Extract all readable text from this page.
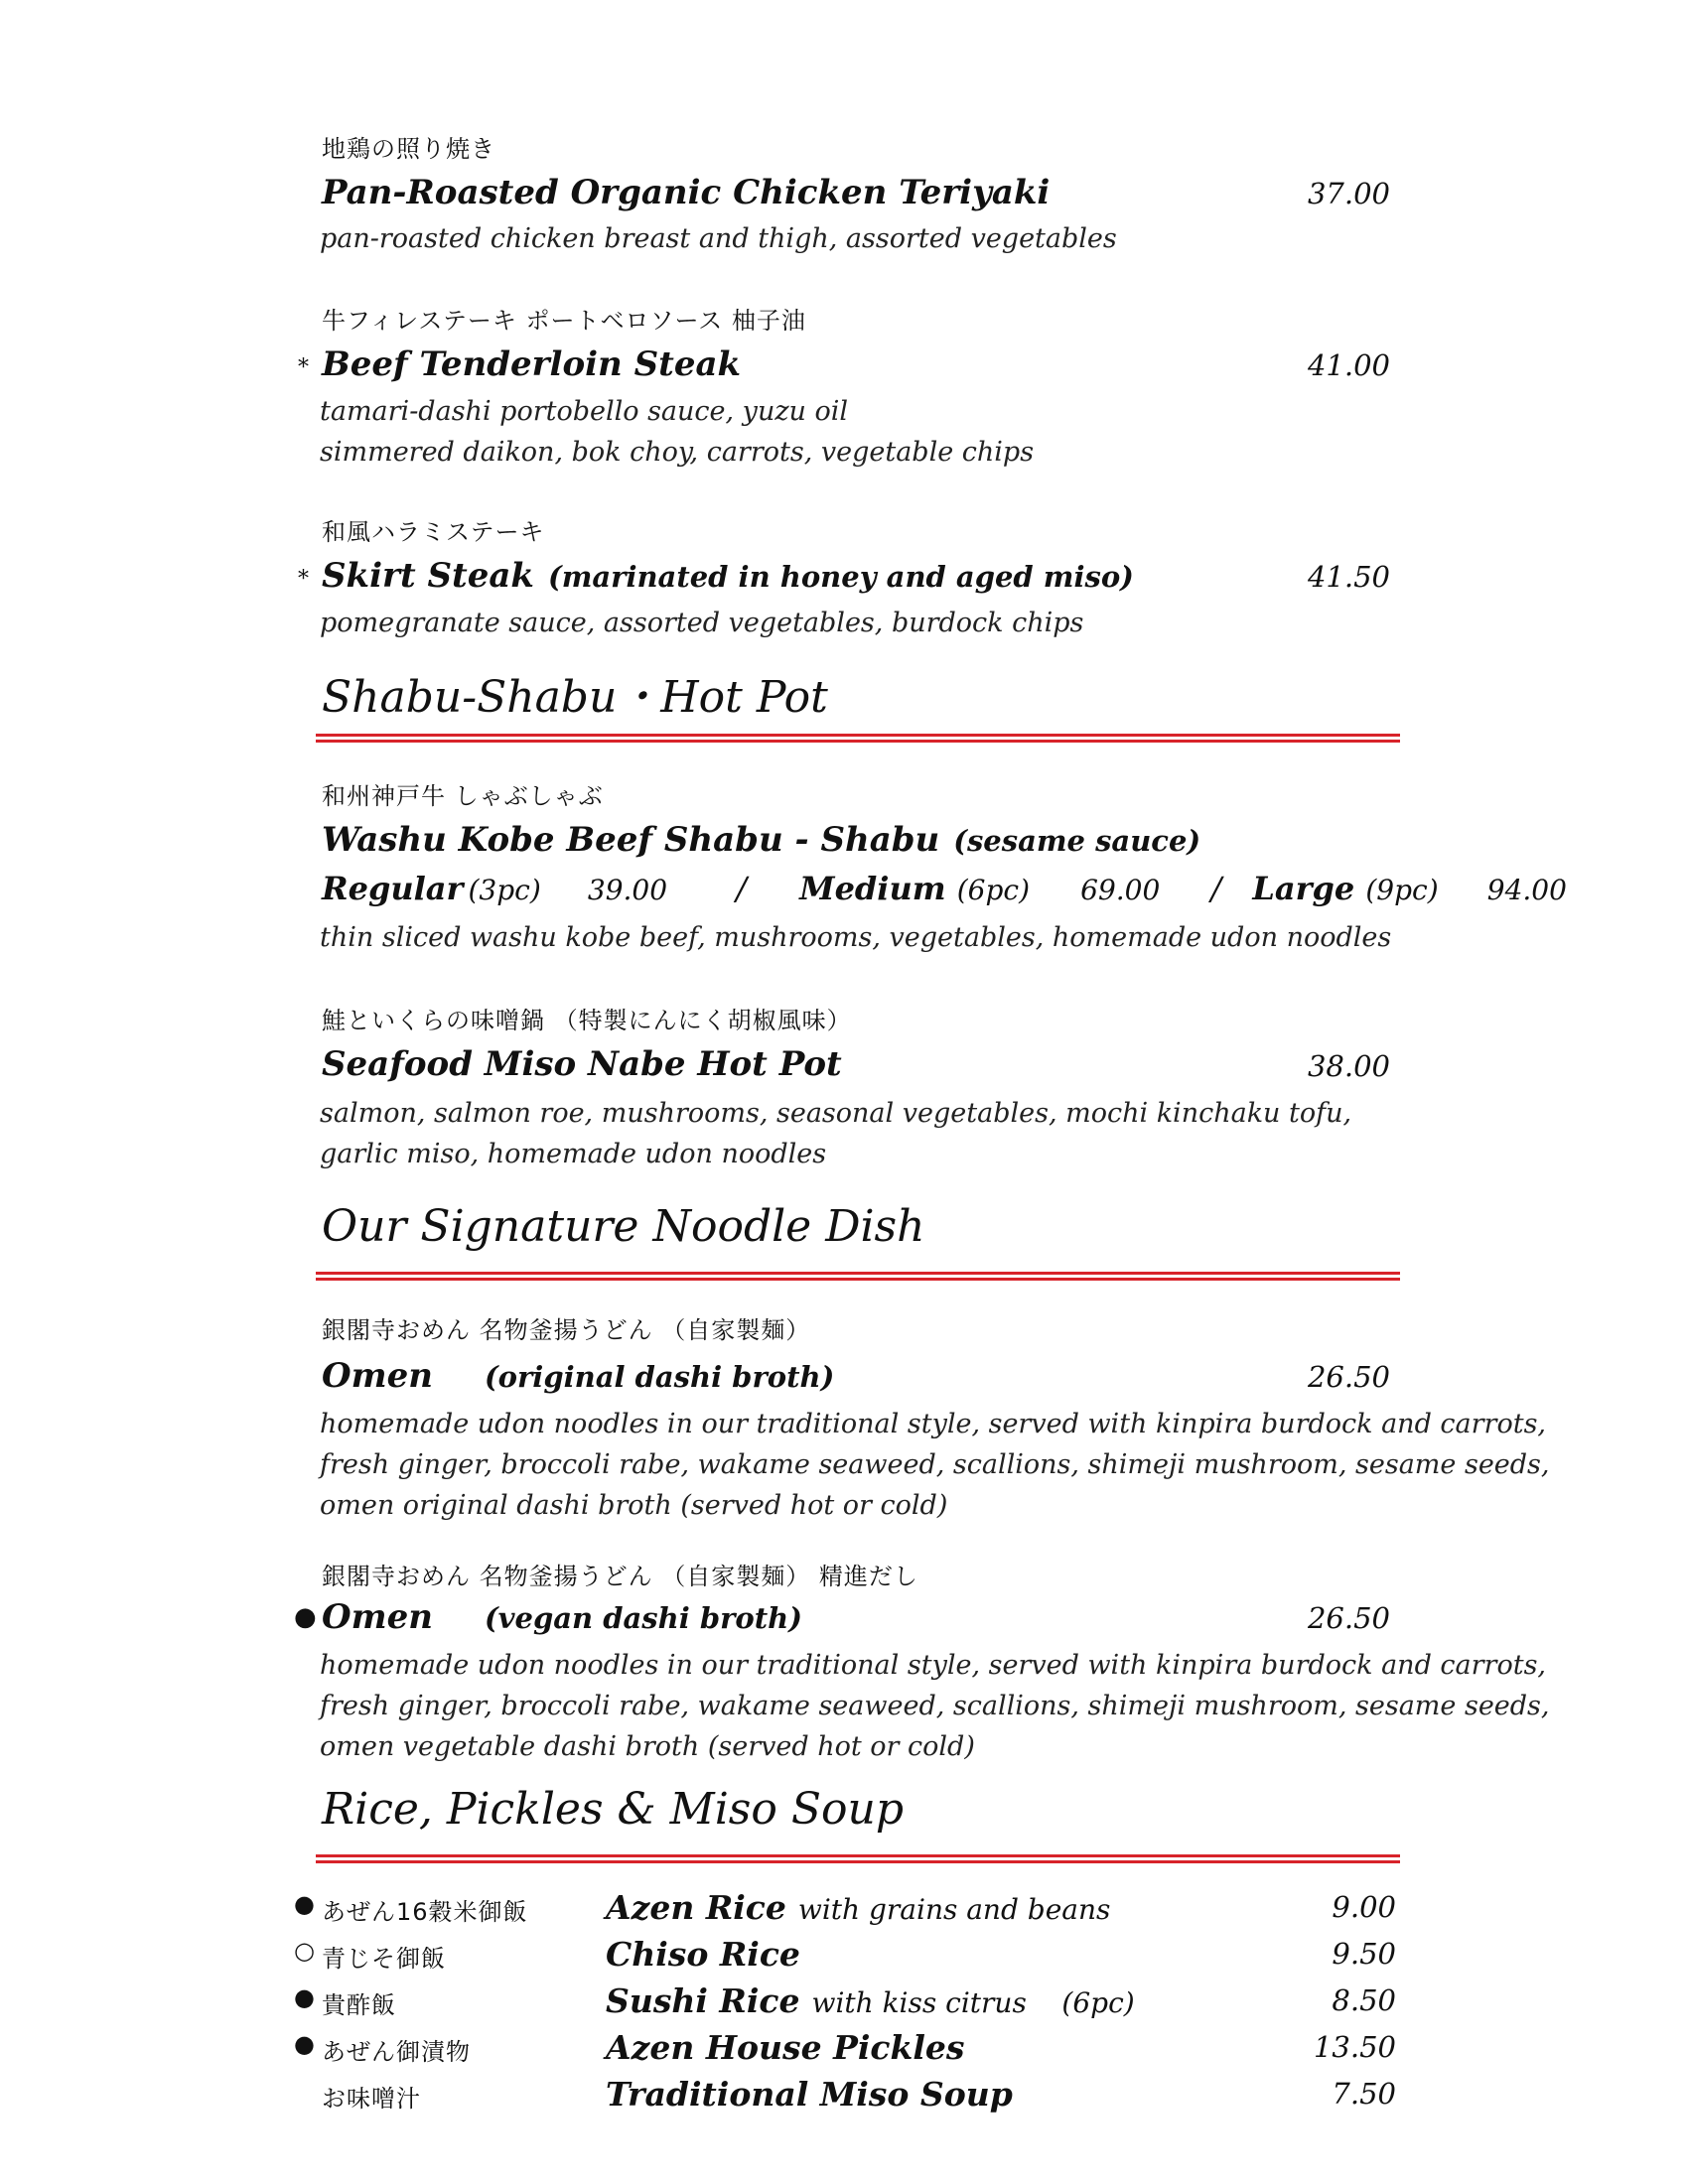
地鶏の照り焼き
Pan-Roasted Organic Chicken Teriyaki	37.00
pan-roasted chicken breast and thigh, assorted vegetables
牛フィレステーキ ポートベロソース 柚子油
* Beef Tenderloin Steak	41.00
tamari-dashi portobello sauce, yuzu oil
simmered daikon, bok choy, carrots, vegetable chips
和風ハラミステーキ
* Skirt Steak (marinated in honey and aged miso)	41.50
pomegranate sauce, assorted vegetables, burdock chips
Shabu-Shabu・Hot Pot
和州神戸牛 しゃぶしゃぶ
Washu Kobe Beef Shabu - Shabu (sesame sauce)
Regular (3pc) 39.00 / Medium (6pc) 69.00 / Large (9pc) 94.00
thin sliced washu kobe beef, mushrooms, vegetables, homemade udon noodles
鮭といくらの味噌鍋 （特製にんにく胡椒風味）
Seafood Miso Nabe Hot Pot	38.00
salmon, salmon roe, mushrooms, seasonal vegetables, mochi kinchaku tofu,
garlic miso, homemade udon noodles
Our Signature Noodle Dish
銀閣寺おめん 名物釜揚うどん （自家製麺）
Omen (original dashi broth)	26.50
homemade udon noodles in our traditional style, served with kinpira burdock and carrots,
fresh ginger, broccoli rabe, wakame seaweed, scallions, shimeji mushroom, sesame seeds,
omen original dashi broth (served hot or cold)
銀閣寺おめん 名物釜揚うどん （自家製麺） 精進だし
● Omen (vegan dashi broth)	26.50
homemade udon noodles in our traditional style, served with kinpira burdock and carrots,
fresh ginger, broccoli rabe, wakame seaweed, scallions, shimeji mushroom, sesame seeds,
omen vegetable dashi broth (served hot or cold)
Rice, Pickles & Miso Soup
● あぜん16穀米御飯 Azen Rice with grains and beans	9.00
○ 青じそ御飯	Chiso Rice	9.50
● 貴酢飯	Sushi Rice with kiss citrus    (6pc)	8.50
● あぜん御漬物	Azen House Pickles	13.50
お味噌汁	Traditional Miso Soup	7.50
